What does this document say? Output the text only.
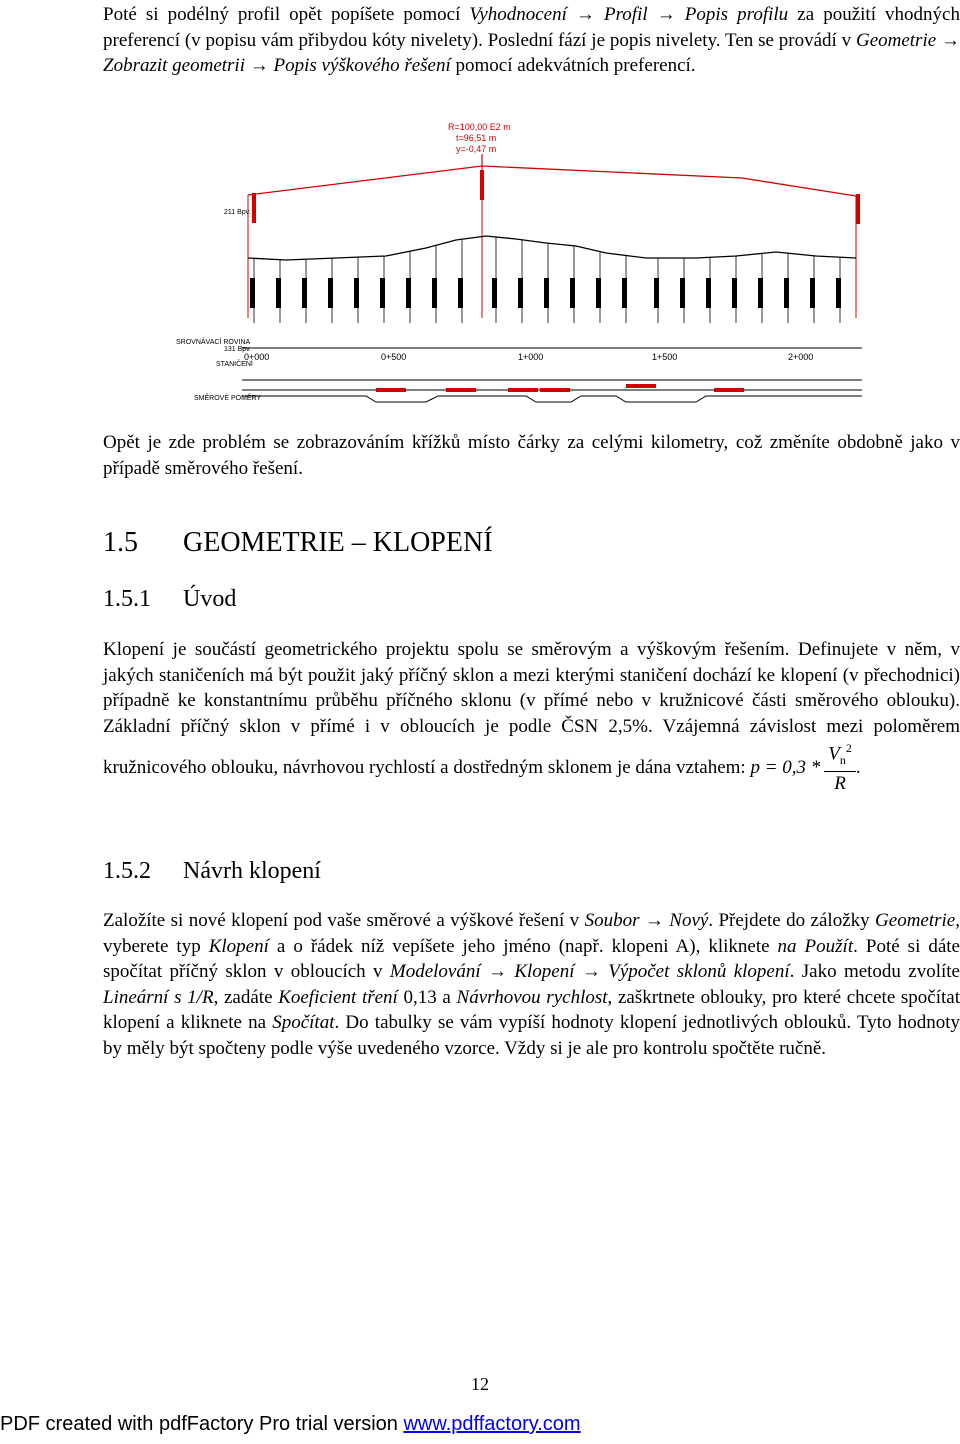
Poté si podélný profil opět popíšete pomocí Vyhodnocení → Profil → Popis profilu za použití vhodných preferencí (v popisu vám přibydou kóty nivelety). Poslední fází je popis nivelety. Ten se provádí v Geometrie → Zobrazit geometrii → Popis výškového řešení pomocí adekvátních preferencí.
R=100,00 E2 m
t=96,51 m
y=-0,47 m
211 Bpv.
SROVNÁVACÍ ROVINA
131 Bpv.
STANIČENÍ
SMĚROVÉ POMĚRY
0+000	0+500	1+000	1+500	2+000
Opět je zde problém se zobrazováním křížků místo čárky za celými kilometry, což změníte obdobně jako v případě směrového řešení.
1.5 GEOMETRIE – KLOPENÍ
1.5.1 Úvod
Klopení je součástí geometrického projektu spolu se směrovým a výškovým řešením. Definujete v něm, v jakých staničeních má být použit jaký příčný sklon a mezi kterými staničení dochází ke klopení (v přechodnici) případně ke konstantnímu průběhu příčného sklonu (v přímé nebo v kružnicové části směrového oblouku). Základní příčný sklon v přímé i v obloucích je podle ČSN 2,5%. Vzájemná závislost mezi poloměrem kružnicového oblouku, návrhovou rychlostí a dostředným sklonem je dána vztahem: $p = 0,3 * \frac{V_n^2}{R}$ .
1.5.2 Návrh klopení
Založíte si nové klopení pod vaše směrové a výškové řešení v Soubor → Nový. Přejdete do záložky Geometrie, vyberete typ Klopení a o řádek níž vepíšete jeho jméno (např. klopeni A), kliknete na Použít. Poté si dáte spočítat příčný sklon v obloucích v Modelování → Klopení → Výpočet sklonů klopení. Jako metodu zvolíte Lineární s 1/R, zadáte Koeficient tření 0,13 a Návrhovou rychlost, zaškrtnete oblouky, pro které chcete spočítat klopení a kliknete na Spočítat. Do tabulky se vám vypíší hodnoty klopení jednotlivých oblouků. Tyto hodnoty by měly být spočteny podle výše uvedeného vzorce. Vždy si je ale pro kontrolu spočtěte ručně.
12
PDF created with pdfFactory Pro trial version www.pdffactory.com
